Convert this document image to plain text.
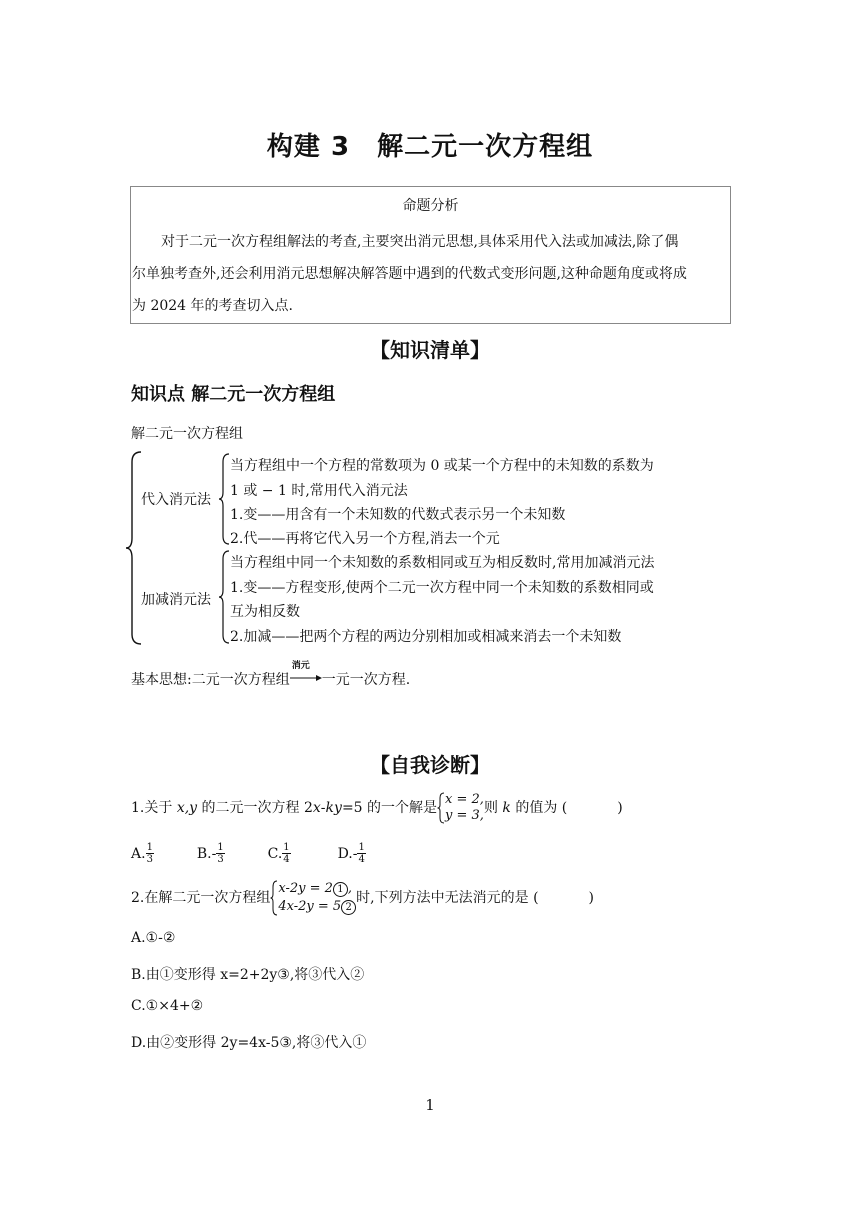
构建 3　解二元一次方程组
命题分析
对于二元一次方程组解法的考查,主要突出消元思想,具体采用代入法或加减法,除了偶
尔单独考查外,还会利用消元思想解决解答题中遇到的代数式变形问题,这种命题角度或将成
为 2024 年的考查切入点.
【知识清单】
知识点 解二元一次方程组
解二元一次方程组
代入消元法
当方程组中一个方程的常数项为 0 或某一个方程中的未知数的系数为
1 或 − 1 时,常用代入消元法
1.变——用含有一个未知数的代数式表示另一个未知数
2.代——再将它代入另一个方程,消去一个元
加减消元法
当方程组中同一个未知数的系数相同或互为相反数时,常用加减消元法
1.变——方程变形,使两个二元一次方程中同一个未知数的系数相同或
互为相反数
2.加减——把两个方程的两边分别相加或相减来消去一个未知数
基本思想:二元一次方程组
消元
一元一次方程.
【自我诊断】
1.关于 x,y 的二元一次方程 2x-ky=5 的一个解是
x = 2,
y = 3, 则 k 的值为 (	)
A. $\frac{1}{3}$	$B.- \frac{1}{3}$	C. $\frac{1}{4}$	$D.- \frac{1}{4}$
2.在解二元一次方程组
x-2y = 2 1 ,
4x-2y = 5 2
时,下列方法中无法消元的是 (	)
A.①-②
B.由①变形得 x=2+2y③,将③代入②
C.①×4+②
D.由②变形得 2y=4x-5③,将③代入①
1
